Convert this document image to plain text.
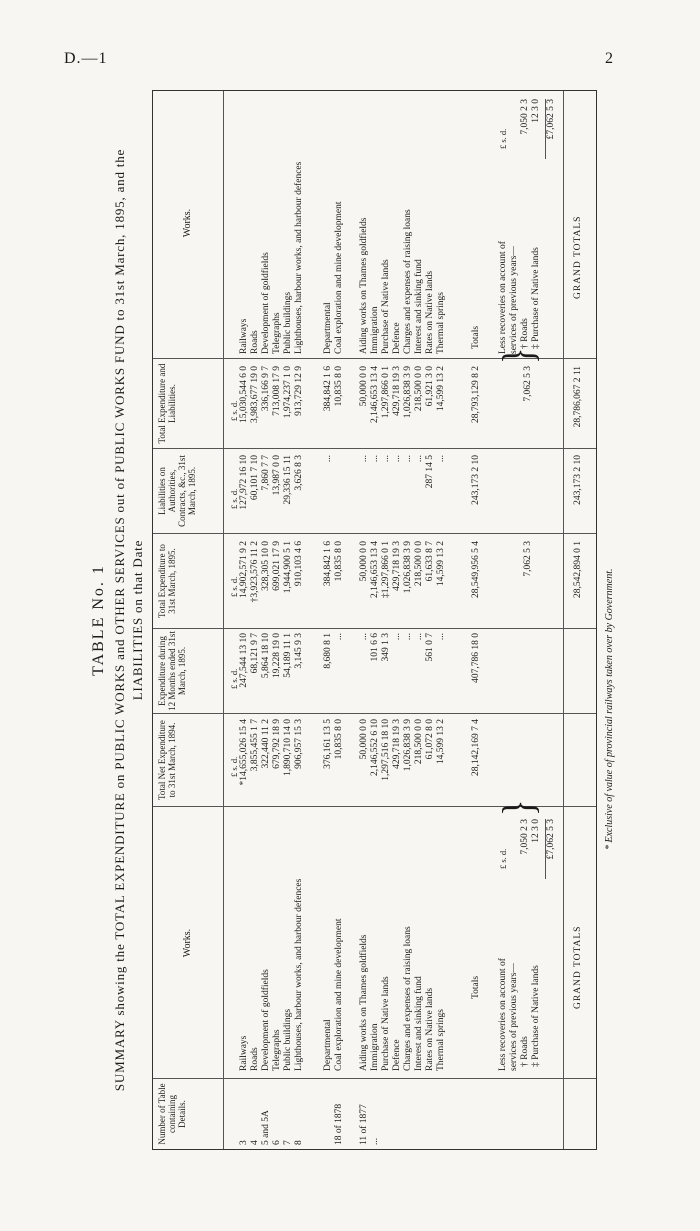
D.—1	2
TABLE No. 1 SUMMARY showing the TOTAL EXPENDITURE on PUBLIC WORKS and OTHER SERVICES out of PUBLIC WORKS FUND to 31st March, 1895, and the LIABILITIES on that Date
Number of Table containing Details.
Works.
Total Net Expenditure to 31st March, 1894.
Expenditure during 12 Months ended 31st March, 1895.
Total Expenditure to 31st March, 1895.
Liabilities on Authorities, Contracts, &c., 31st March, 1895.
Total Expenditure and Liabilities.
Works.
£ s. d.
£ s. d.
£ s. d.
£ s. d.
£ s. d.
3
Railways
*14,655,026 15 4
247,544 13 10
14,902,571 9 2
127,972 16 10
15,030,544 6 0
Railways
4
Roads
3,855,455 1 7
68,121 9 7
†3,923,576 11 2
60,101 7 10
3,983,677 19 0
Roads
5 and 5A
Development of goldfields
322,440 11 2
5,864 18 10
328,305 10 0
7,860 7 7
336,166 9 7
Development of goldfields
6
Telegraphs
679,792 18 9
19,228 19 0
699,021 17 9
13,987 0 0
713,008 17 9
Telegraphs
7
Public buildings
1,890,710 14 0
54,189 11 1
1,944,900 5 1
29,336 15 11
1,974,237 1 0
Public buildings
8
Lighthouses, harbour works, and harbour defences
906,957 15 3
3,145 9 3
910,103 4 6
3,626 8 3
913,729 12 9
Lighthouses, harbour works, and harbour defences
Departmental
376,161 13 5
8,680 8 1
384,842 1 6
...
384,842 1 6
Departmental
18 of 1878
Coal exploration and mine development
10,835 8 0
...
10,835 8 0
10,835 8 0
Coal exploration and mine development
11 of 1877
Aiding works on Thames goldfields
50,000 0 0
...
50,000 0 0
...
50,000 0 0
Aiding works on Thames goldfields
...
Immigration
2,146,552 6 10
101 6 6
2,146,653 13 4
...
2,146,653 13 4
Immigration
Purchase of Native lands
1,297,516 18 10
349 1 3
‡1,297,866 0 1
...
1,297,866 0 1
Purchase of Native lands
Defence
429,718 19 3
...
429,718 19 3
...
429,718 19 3
Defence
Charges and expenses of raising loans
1,026,838 3 9
...
1,026,838 3 9
...
1,026,838 3 9
Charges and expenses of raising loans
Interest and sinking fund
218,500 0 0
...
218,500 0 0
...
218,500 0 0
Interest and sinking fund
Rates on Native lands
61,072 8 0
561 0 7
61,633 8 7
287 14 5
61,921 3 0
Rates on Native lands
Thermal springs
14,599 13 2
...
14,599 13 2
...
14,599 13 2
Thermal springs
Totals
28,142,169 7 4
407,786 18 0
28,549,956 5 4
243,173 2 10
28,793,129 8 2
Totals
Less recoveries on account of
£ s. d.
services of previous years— † Roads
7,050 2 3
‡ Purchase of Native lands
12 3 0 £7,062 5 3
}
7,062 5 3
7,062 5 3
}
Less recoveries on account of
£ s. d.
services of previous years— † Roads
7,050 2 3
‡ Purchase of Native lands
12 3 0 £7,062 5 3
GRAND TOTALS
28,542,894 0 1
243,173 2 10
28,786,067 2 11
GRAND TOTALS
* Exclusive of value of provincial railways taken over by Government.
